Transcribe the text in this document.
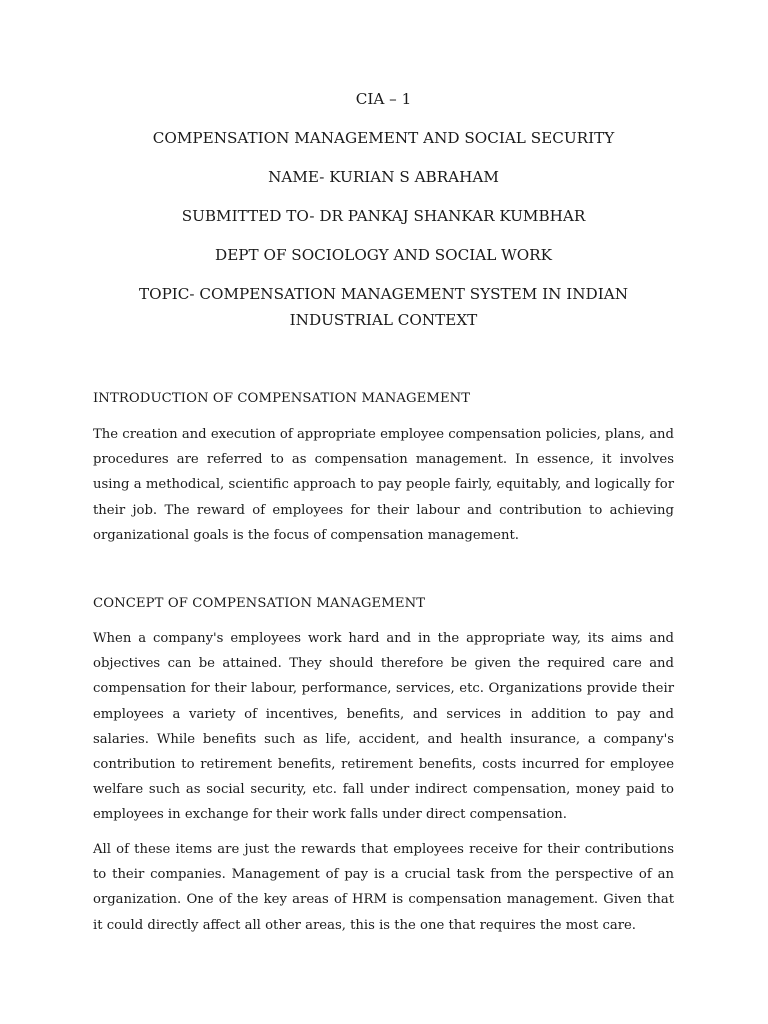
CIA – 1
COMPENSATION MANAGEMENT AND SOCIAL SECURITY
NAME- KURIAN S ABRAHAM
SUBMITTED TO- DR PANKAJ SHANKAR KUMBHAR
DEPT OF SOCIOLOGY AND SOCIAL WORK
TOPIC- COMPENSATION MANAGEMENT SYSTEM IN INDIAN
INDUSTRIAL CONTEXT
INTRODUCTION OF COMPENSATION MANAGEMENT

The creation and execution of appropriate employee compensation policies, plans, and procedures are referred to as compensation management. In essence, it involves using a methodical, scientific approach to pay people fairly, equitably, and logically for their job. The reward of employees for their labour and contribution to achieving organizational goals is the focus of compensation management.

CONCEPT OF COMPENSATION MANAGEMENT

When a company's employees work hard and in the appropriate way, its aims and objectives can be attained. They should therefore be given the required care and compensation for their labour, performance, services, etc. Organizations provide their employees a variety of incentives, benefits, and services in addition to pay and salaries. While benefits such as life, accident, and health insurance, a company's contribution to retirement benefits, retirement benefits, costs incurred for employee welfare such as social security, etc. fall under indirect compensation, money paid to employees in exchange for their work falls under direct compensation.

All of these items are just the rewards that employees receive for their contributions to their companies. Management of pay is a crucial task from the perspective of an organization. One of the key areas of HRM is compensation management. Given that it could directly affect all other areas, this is the one that requires the most care.
